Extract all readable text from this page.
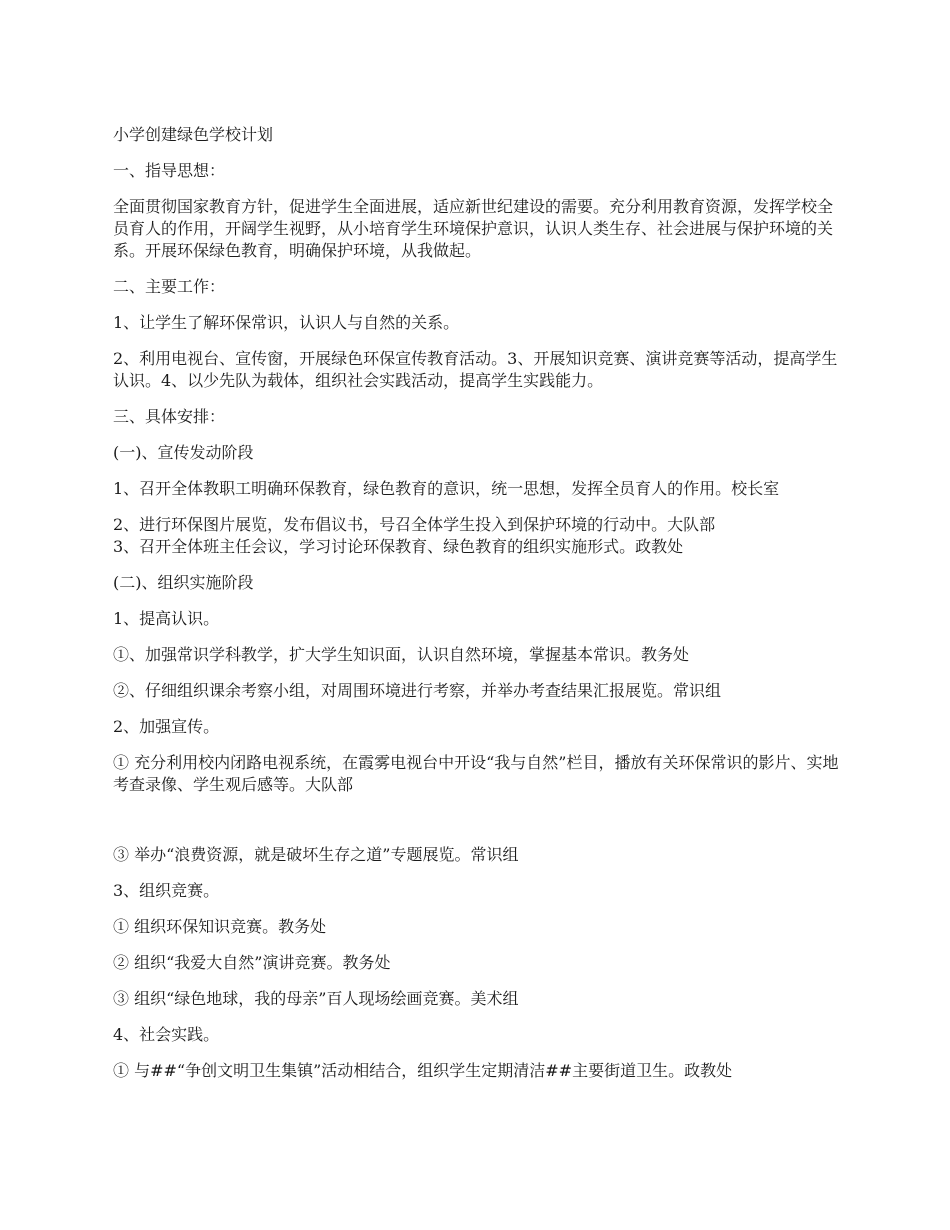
小学创建绿色学校计划

一、指导思想：

全面贯彻国家教育方针，促进学生全面进展，适应新世纪建设的需要。充分利用教育资源，发挥学校全员育人的作用，开阔学生视野，从小培育学生环境保护意识，认识人类生存、社会进展与保护环境的关系。开展环保绿色教育，明确保护环境，从我做起。

二、主要工作：

1、让学生了解环保常识，认识人与自然的关系。

2、利用电视台、宣传窗，开展绿色环保宣传教育活动。3、开展知识竞赛、演讲竞赛等活动，提高学生认识。4、以少先队为载体，组织社会实践活动，提高学生实践能力。

三、具体安排：

(一)、宣传发动阶段

1、召开全体教职工明确环保教育，绿色教育的意识，统一思想，发挥全员育人的作用。校长室

2、进行环保图片展览，发布倡议书，号召全体学生投入到保护环境的行动中。大队部

3、召开全体班主任会议，学习讨论环保教育、绿色教育的组织实施形式。政教处

(二)、组织实施阶段

1、提高认识。

①、加强常识学科教学，扩大学生知识面，认识自然环境，掌握基本常识。教务处

②、仔细组织课余考察小组，对周围环境进行考察，并举办考查结果汇报展览。常识组

2、加强宣传。

① 充分利用校内闭路电视系统，在霞雾电视台中开设“我与自然”栏目，播放有关环保常识的影片、实地考查录像、学生观后感等。大队部

③ 举办“浪费资源，就是破坏生存之道”专题展览。常识组

3、组织竞赛。

① 组织环保知识竞赛。教务处

② 组织“我爱大自然”演讲竞赛。教务处

③ 组织“绿色地球，我的母亲”百人现场绘画竞赛。美术组

4、社会实践。

① 与##“争创文明卫生集镇”活动相结合，组织学生定期清洁##主要街道卫生。政教处
